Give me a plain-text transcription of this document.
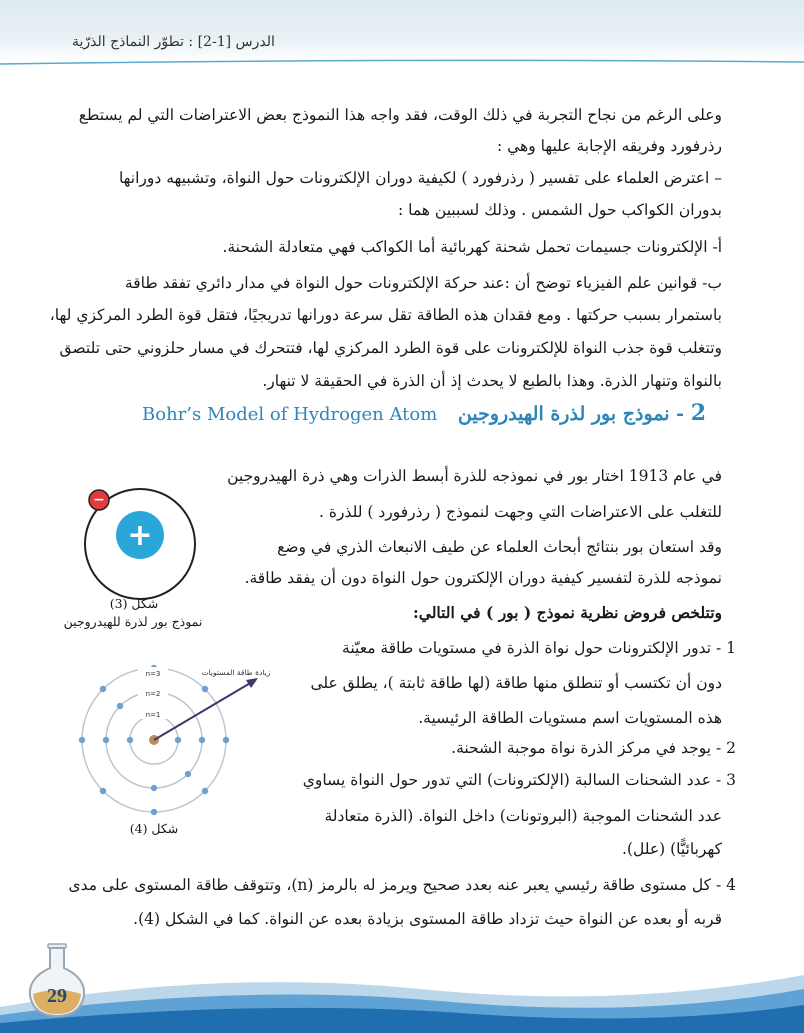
الدرس [1-2] : تطوّر النماذج الذرّية
وعلى الرغم من نجاح التجربة في ذلك الوقت، فقد واجه هذا النموذج بعض الاعتراضات التي لم يستطع
رذرفورد وفريقه الإجابة عليها وهي :
– اعترض العلماء على تفسير ( رذرفورد ) لكيفية دوران الإلكترونات حول النواة، وتشبيهه دورانها
بدوران الكواكب حول الشمس . وذلك لسببين هما :
أ- الإلكترونات جسيمات تحمل شحنة كهربائية أما الكواكب فهي متعادلة الشحنة.
ب- قوانين علم الفيزياء توضح أن :عند حركة الإلكترونات حول النواة في مدار دائري تفقد طاقة
باستمرار بسبب حركتها . ومع فقدان هذه الطاقة تقل سرعة دورانها تدريجيًا، فتقل قوة الطرد المركزي لها،
وتتغلب قوة جذب النواة للإلكترونات على قوة الطرد المركزي لها، فتتحرك في مسار حلزوني حتى تلتصق
بالنواة وتنهار الذرة. وهذا بالطبع لا يحدث إذ أن الذرة في الحقيقة لا تنهار.
2 - نموذج بور لذرة الهيدروجين Bohr’s Model of Hydrogen Atom
في عام 1913 اختار بور في نموذجه للذرة أبسط الذرات وهي ذرة الهيدروجين
للتغلب على الاعتراضات التي وجهت لنموذج ( رذرفورد ) للذرة .
وقد استعان بور بنتائج أبحاث العلماء عن طيف الانبعاث الذري في وضع
نموذجه للذرة لتفسير كيفية دوران الإلكترون حول النواة دون أن يفقد طاقة.
وتتلخص فروض نظرية نموذج ( بور ) في التالي:
1 - تدور الإلكترونات حول نواة الذرة في مستويات طاقة معيّنة
دون أن تكتسب أو تنطلق منها طاقة (لها طاقة ثابتة )، يطلق على
هذه المستويات اسم مستويات الطاقة الرئيسية.
2 - يوجد في مركز الذرة نواة موجبة الشحنة.
3 - عدد الشحنات السالبة (الإلكترونات) التي تدور حول النواة يساوي
عدد الشحنات الموجبة (البروتونات) داخل النواة. (الذرة متعادلة
كهربائيًّا) (علل).
4 - كل مستوى طاقة رئيسي يعبر عنه بعدد صحيح ويرمز له بالرمز (n)، وتتوقف طاقة المستوى على مدى
قربه أو بعده عن النواة حيث تزداد طاقة المستوى بزيادة بعده عن النواة. كما في الشكل (4).
+
−
شكل (3)
نموذج بور لذرة للهيدروجين
n=1
n=2
n=3	زيادة طاقة المستويات
شكل (4)
29
